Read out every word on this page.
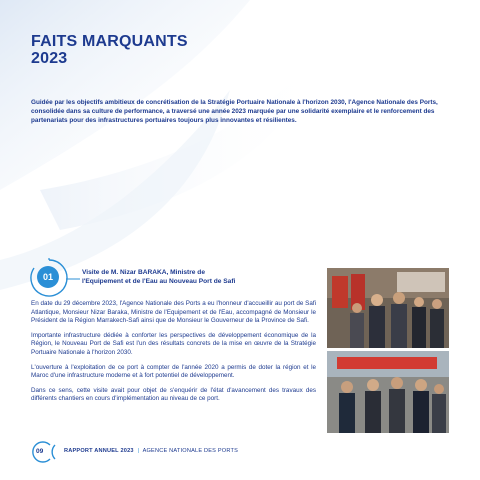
FAITS MARQUANTS
2023
Guidée par les objectifs ambitieux de concrétisation de la Stratégie Portuaire Nationale à l'horizon 2030, l'Agence Nationale des Ports, consolidée dans sa culture de performance, a traversé une année 2023 marquée par une solidarité exemplaire et le renforcement des partenariats pour des infrastructures portuaires toujours plus innovantes et résilientes.
01	Visite de M. Nizar BARAKA, Ministre de
l'Equipement et de l'Eau au Nouveau Port de Safi

En date du 29 décembre 2023, l'Agence Nationale des Ports a eu l'honneur d'accueillir au port de Safi Atlantique, Monsieur Nizar Baraka, Ministre de l'Equipement et de l'Eau, accompagné de Monsieur le Président de la Région Marrakech-Safi ainsi que de Monsieur le Gouverneur de la Province de Safi.

Importante infrastructure dédiée à conforter les perspectives de développement économique de la Région, le Nouveau Port de Safi est l'un des résultats concrets de la mise en œuvre de la Stratégie Portuaire Nationale à l'horizon 2030.

L'ouverture à l'exploitation de ce port à compter de l'année 2020 a permis de doter la région et le Maroc d'une infrastructure moderne et à fort potentiel de développement.

Dans ce sens, cette visite avait pour objet de s'enquérir de l'état d'avancement des travaux des différents chantiers en cours d'implémentation au niveau de ce port.

09	RAPPORT ANNUEL 2023 | AGENCE NATIONALE DES PORTS
